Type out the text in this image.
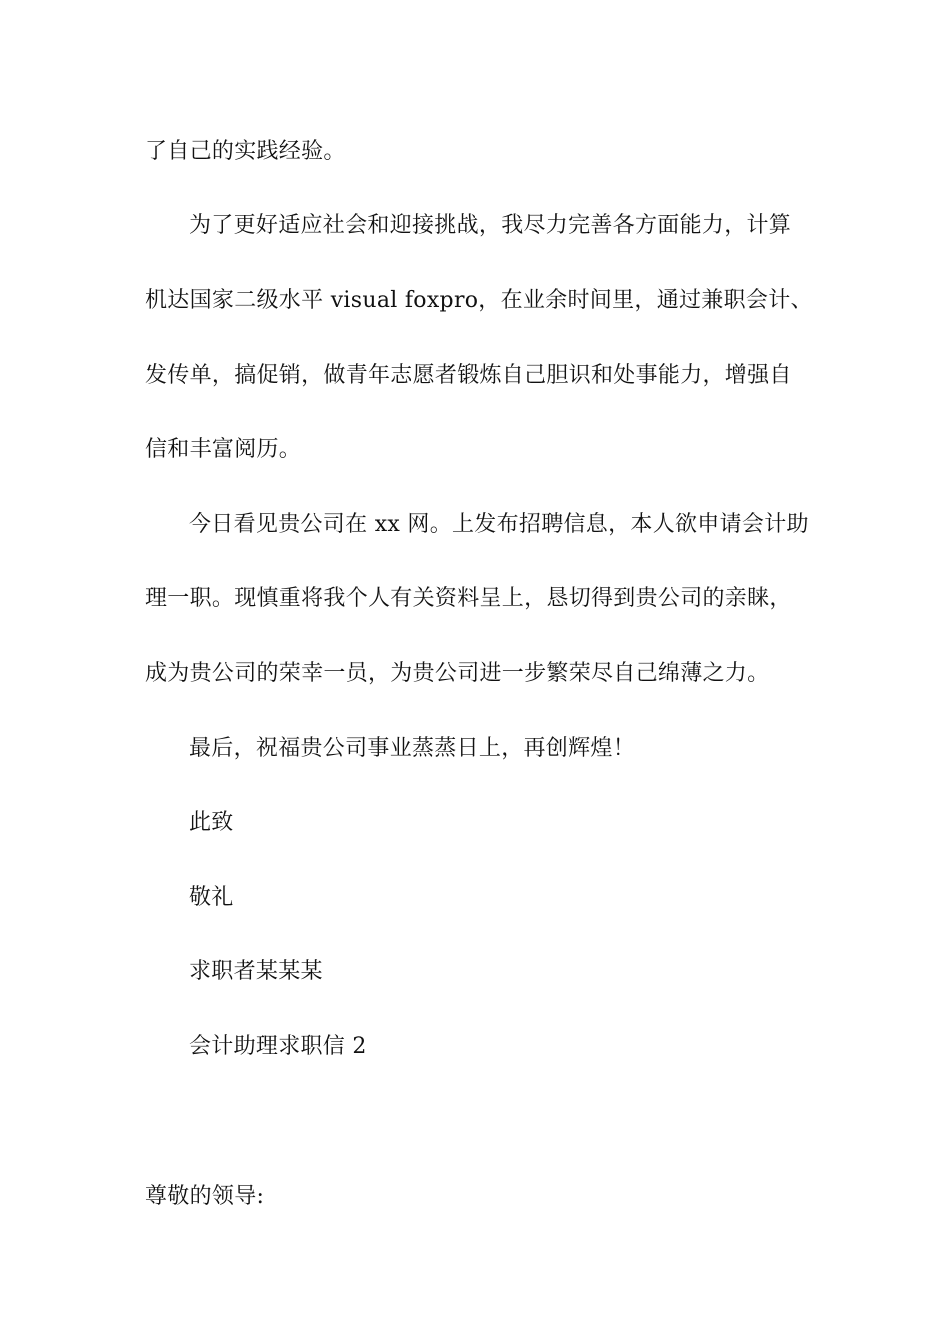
了自己的实践经验。
为了更好适应社会和迎接挑战，我尽力完善各方面能力，计算
机达国家二级水平 visual foxpro，在业余时间里，通过兼职会计、
发传单，搞促销，做青年志愿者锻炼自己胆识和处事能力，增强自
信和丰富阅历。
今日看见贵公司在 xx 网。上发布招聘信息，本人欲申请会计助
理一职。现慎重将我个人有关资料呈上，恳切得到贵公司的亲睐，
成为贵公司的荣幸一员，为贵公司进一步繁荣尽自己绵薄之力。
最后，祝福贵公司事业蒸蒸日上，再创辉煌！
此致
敬礼
求职者某某某
会计助理求职信 2
尊敬的领导:
